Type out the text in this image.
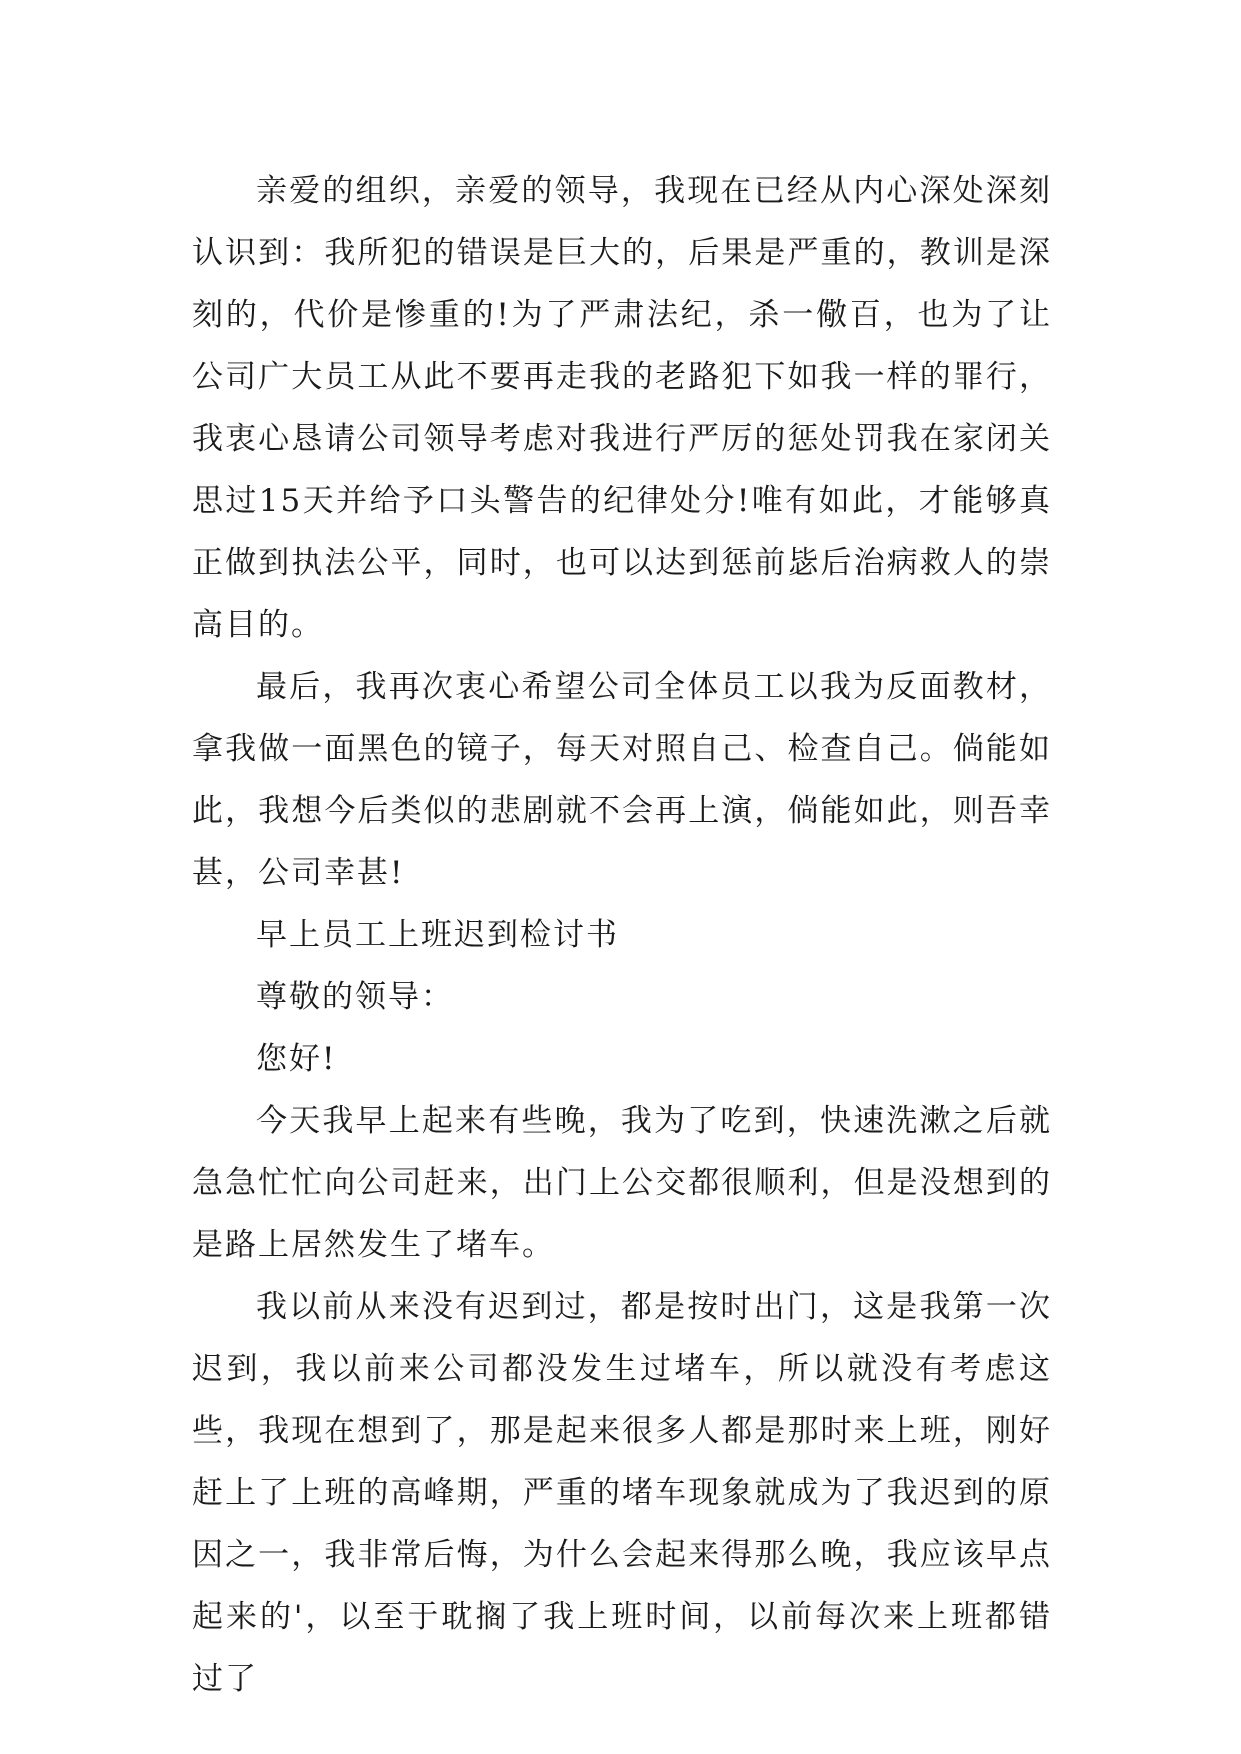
亲爱的组织，亲爱的领导，我现在已经从内心深处深刻认识到：我所犯的错误是巨大的，后果是严重的，教训是深刻的，代价是惨重的!为了严肃法纪，杀一儆百，也为了让公司广大员工从此不要再走我的老路犯下如我一样的罪行，我衷心恳请公司领导考虑对我进行严厉的惩处罚我在家闭关思过15天并给予口头警告的纪律处分!唯有如此，才能够真正做到执法公平，同时，也可以达到惩前毖后治病救人的崇高目的。

最后，我再次衷心希望公司全体员工以我为反面教材，拿我做一面黑色的镜子，每天对照自己、检查自己。倘能如此，我想今后类似的悲剧就不会再上演，倘能如此，则吾幸甚，公司幸甚!

早上员工上班迟到检讨书

尊敬的领导：

您好!

今天我早上起来有些晚，我为了吃到，快速洗漱之后就急急忙忙向公司赶来，出门上公交都很顺利，但是没想到的是路上居然发生了堵车。

我以前从来没有迟到过，都是按时出门，这是我第一次迟到，我以前来公司都没发生过堵车，所以就没有考虑这些，我现在想到了，那是起来很多人都是那时来上班，刚好赶上了上班的高峰期，严重的堵车现象就成为了我迟到的原因之一，我非常后悔，为什么会起来得那么晚，我应该早点起来的'，以至于耽搁了我上班时间，以前每次来上班都错过了
